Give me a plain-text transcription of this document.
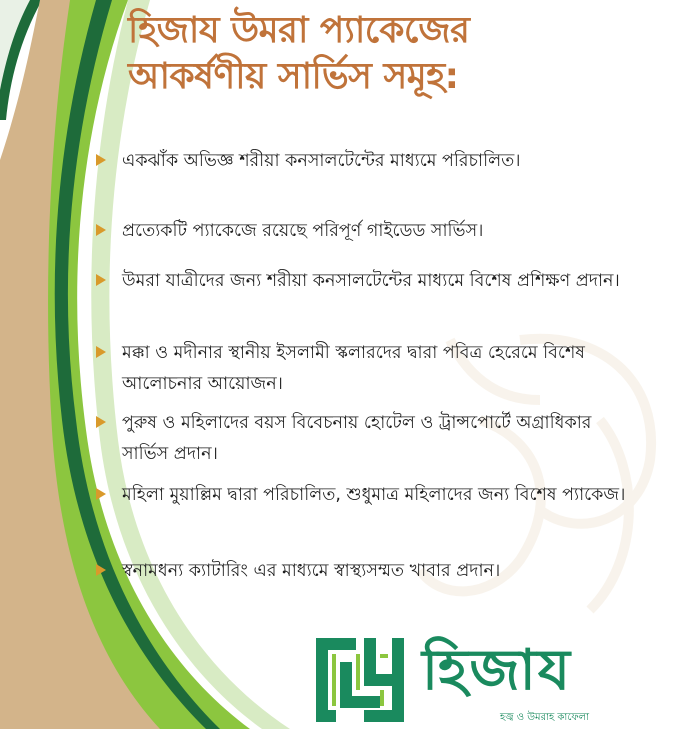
হিজায উমরা প্যাকেজের
আকর্ষণীয় সার্ভিস সমূহ:
একঝাঁক অভিজ্ঞ শরীয়া কনসালটেন্টের মাধ্যমে পরিচালিত।
প্রত্যেকটি প্যাকেজে রয়েছে পরিপূর্ণ গাইডেড সার্ভিস।
উমরা যাত্রীদের জন্য শরীয়া কনসালটেন্টের মাধ্যমে বিশেষ প্রশিক্ষণ প্রদান।
মক্কা ও মদীনার স্থানীয় ইসলামী স্কলারদের দ্বারা পবিত্র হেরেমে বিশেষ আলোচনার আয়োজন।
পুরুষ ও মহিলাদের বয়স বিবেচনায় হোটেল ও ট্রান্সপোর্টে অগ্রাধিকার সার্ভিস প্রদান।
মহিলা মুয়াল্লিম দ্বারা পরিচালিত, শুধুমাত্র মহিলাদের জন্য বিশেষ প্যাকেজ।
স্বনামধন্য ক্যাটারিং এর মাধ্যমে স্বাস্থ্যসম্মত খাবার প্রদান।
হিজায
হজ্ব ও উমরাহ কাফেলা
